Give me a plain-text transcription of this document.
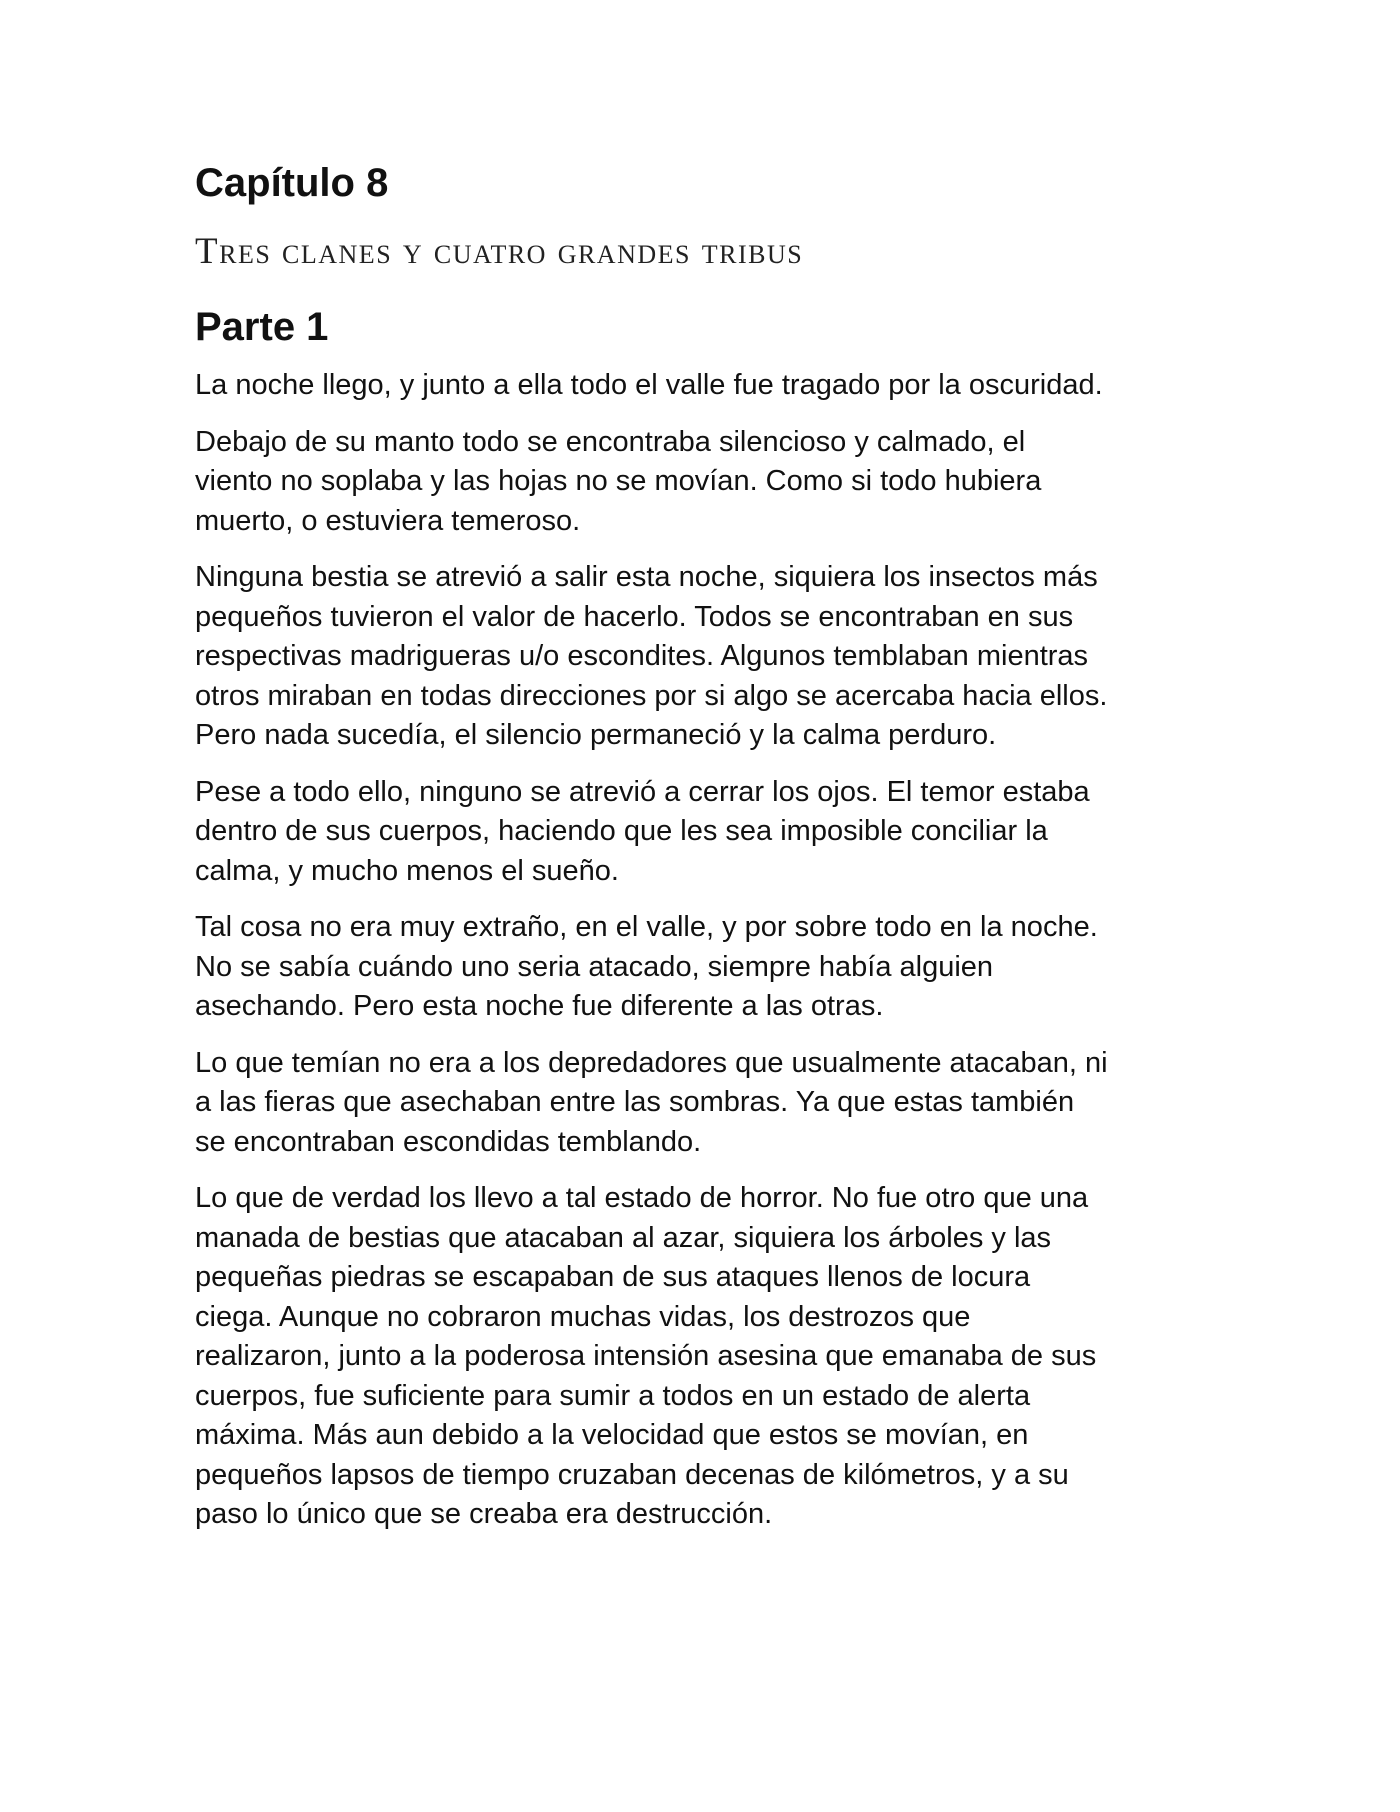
Capítulo 8
Tres clanes y cuatro grandes tribus
Parte 1

La noche llego, y junto a ella todo el valle fue tragado por la oscuridad.

Debajo de su manto todo se encontraba silencioso y calmado, el
viento no soplaba y las hojas no se movían. Como si todo hubiera
muerto, o estuviera temeroso.

Ninguna bestia se atrevió a salir esta noche, siquiera los insectos más
pequeños tuvieron el valor de hacerlo. Todos se encontraban en sus
respectivas madrigueras u/o escondites. Algunos temblaban mientras
otros miraban en todas direcciones por si algo se acercaba hacia ellos.
Pero nada sucedía, el silencio permaneció y la calma perduro.

Pese a todo ello, ninguno se atrevió a cerrar los ojos. El temor estaba
dentro de sus cuerpos, haciendo que les sea imposible conciliar la
calma, y mucho menos el sueño.

Tal cosa no era muy extraño, en el valle, y por sobre todo en la noche.
No se sabía cuándo uno seria atacado, siempre había alguien
asechando. Pero esta noche fue diferente a las otras.

Lo que temían no era a los depredadores que usualmente atacaban, ni
a las fieras que asechaban entre las sombras. Ya que estas también
se encontraban escondidas temblando.

Lo que de verdad los llevo a tal estado de horror. No fue otro que una
manada de bestias que atacaban al azar, siquiera los árboles y las
pequeñas piedras se escapaban de sus ataques llenos de locura
ciega. Aunque no cobraron muchas vidas, los destrozos que
realizaron, junto a la poderosa intensión asesina que emanaba de sus
cuerpos, fue suficiente para sumir a todos en un estado de alerta
máxima. Más aun debido a la velocidad que estos se movían, en
pequeños lapsos de tiempo cruzaban decenas de kilómetros, y a su
paso lo único que se creaba era destrucción.
